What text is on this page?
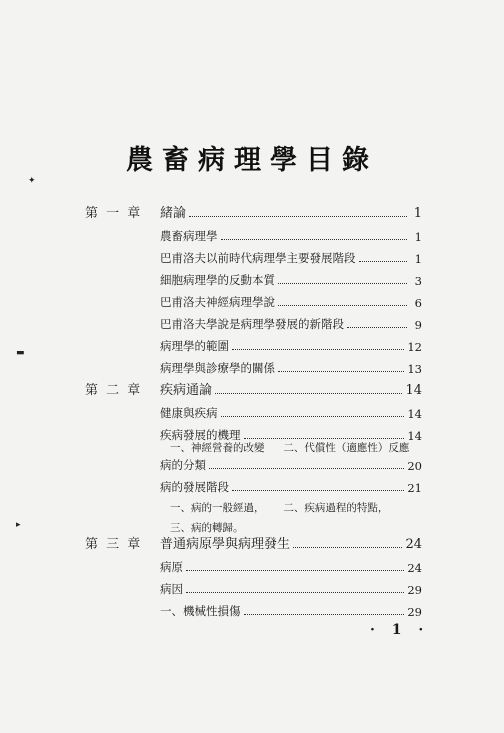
✦
▬
▸
農畜病理學目錄
第 一 章 緒論	1
農畜病理學	1
巴甫洛夫以前時代病理學主要發展階段	1
細胞病理學的反動本質	3
巴甫洛夫神經病理學說	6
巴甫洛夫學說是病理學發展的新階段	9
病理學的範圍	12
病理學與診療學的關係	13
第 二 章 疾病通論	14
健康與疾病	14
疾病發展的機理	14
一、神經營養的改變 二、代償性（適應性）反應
病的分類	20
病的發展階段	21
一、病的一般經過， 二、疾病過程的特點，
三、病的轉歸。
第 三 章 普通病原學與病理發生	24
病原	24
病因	29
一、機械性損傷	29
· 1 ·
